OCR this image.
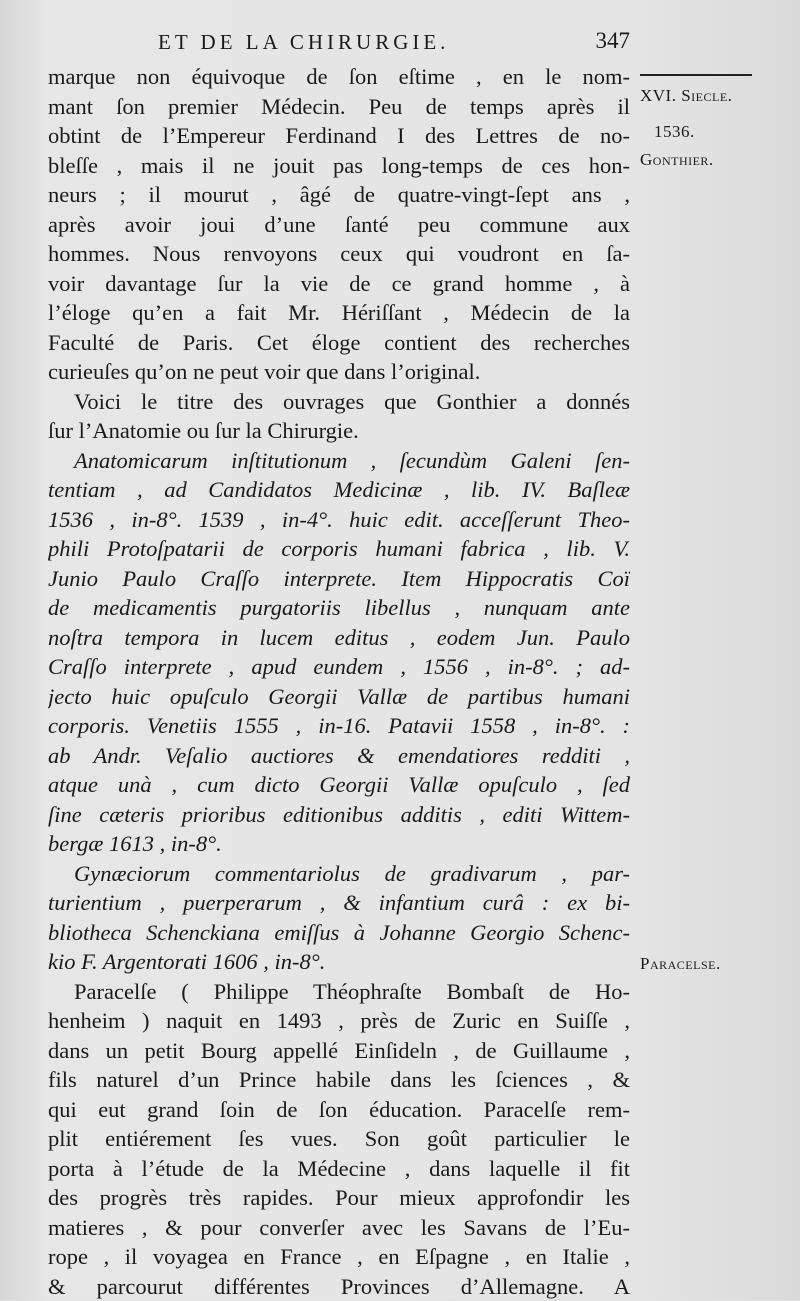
ET DE LA CHIRURGIE.	347
XVI. Siecle.
1536.
Gonthier.
Paracelse.
marque non équivoque de ſon eſtime , en le nom-
mant ſon premier Médecin. Peu de temps après il
obtint de l’Empereur Ferdinand I des Lettres de no-
bleſſe , mais il ne jouit pas long-temps de ces hon-
neurs ; il mourut , âgé de quatre-vingt-ſept ans ,
après avoir joui d’une ſanté peu commune aux
hommes. Nous renvoyons ceux qui voudront en ſa-
voir davantage ſur la vie de ce grand homme , à
l’éloge qu’en a fait Mr. Hériſſant , Médecin de la
Faculté de Paris. Cet éloge contient des recherches
curieuſes qu’on ne peut voir que dans l’original.
Voici le titre des ouvrages que Gonthier a donnés
ſur l’Anatomie ou ſur la Chirurgie.
Anatomicarum inſtitutionum , ſecundùm Galeni ſen-
tentiam , ad Candidatos Medicinæ , lib. IV. Baſleæ
1536 , in-8°. 1539 , in-4°. huic edit. acceſſerunt Theo-
phili Protoſpatarii de corporis humani fabrica , lib. V.
Junio Paulo Craſſo interprete. Item Hippocratis Coï
de medicamentis purgatoriis libellus , nunquam ante
noſtra tempora in lucem editus , eodem Jun. Paulo
Craſſo interprete , apud eundem , 1556 , in-8°. ; ad-
jecto huic opuſculo Georgii Vallæ de partibus humani
corporis. Venetiis 1555 , in-16. Patavii 1558 , in-8°. :
ab Andr. Veſalio auctiores & emendatiores redditi ,
atque unà , cum dicto Georgii Vallæ opuſculo , ſed
ſine cæteris prioribus editionibus additis , editi Wittem-
bergæ 1613 , in-8°.
Gynæciorum commentariolus de gradivarum , par-
turientium , puerperarum , & infantium curâ : ex bi-
bliotheca Schenckiana emiſſus à Johanne Georgio Schenc-
kio F. Argentorati 1606 , in-8°.
Paracelſe ( Philippe Théophraſte Bombaſt de Ho-
henheim ) naquit en 1493 , près de Zuric en Suiſſe ,
dans un petit Bourg appellé Einſideln , de Guillaume ,
fils naturel d’un Prince habile dans les ſciences , &
qui eut grand ſoin de ſon éducation. Paracelſe rem-
plit entiérement ſes vues. Son goût particulier le
porta à l’étude de la Médecine , dans laquelle il fit
des progrès très rapides. Pour mieux approfondir les
matieres , & pour converſer avec les Savans de l’Eu-
rope , il voyagea en France , en Eſpagne , en Italie ,
& parcourut différentes Provinces d’Allemagne. A
